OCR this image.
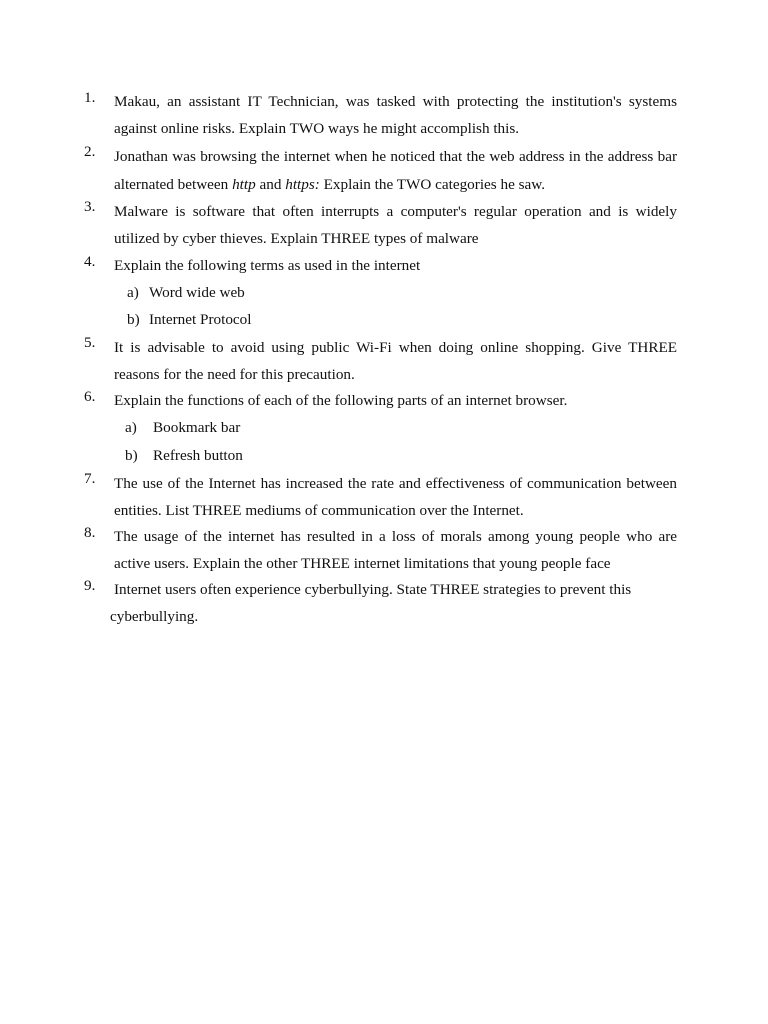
1.	Makau, an assistant IT Technician, was tasked with protecting the institution's systems against online risks. Explain TWO ways he might accomplish this.
2.	Jonathan was browsing the internet when he noticed that the web address in the address bar alternated between http and https: Explain the TWO categories he saw.
3.	Malware is software that often interrupts a computer's regular operation and is widely utilized by cyber thieves. Explain THREE types of malware
4.	Explain the following terms as used in the internet
a) Word wide web
b) Internet Protocol
5.	It is advisable to avoid using public Wi-Fi when doing online shopping. Give THREE reasons for the need for this precaution.
6.	Explain the functions of each of the following parts of an internet browser.
a) Bookmark bar
b) Refresh button
7.	The use of the Internet has increased the rate and effectiveness of communication between entities. List THREE mediums of communication over the Internet.
8.	The usage of the internet has resulted in a loss of morals among young people who are active users. Explain the other THREE internet limitations that young people face
9.	Internet users often experience cyberbullying. State THREE strategies to prevent this
cyberbullying.
